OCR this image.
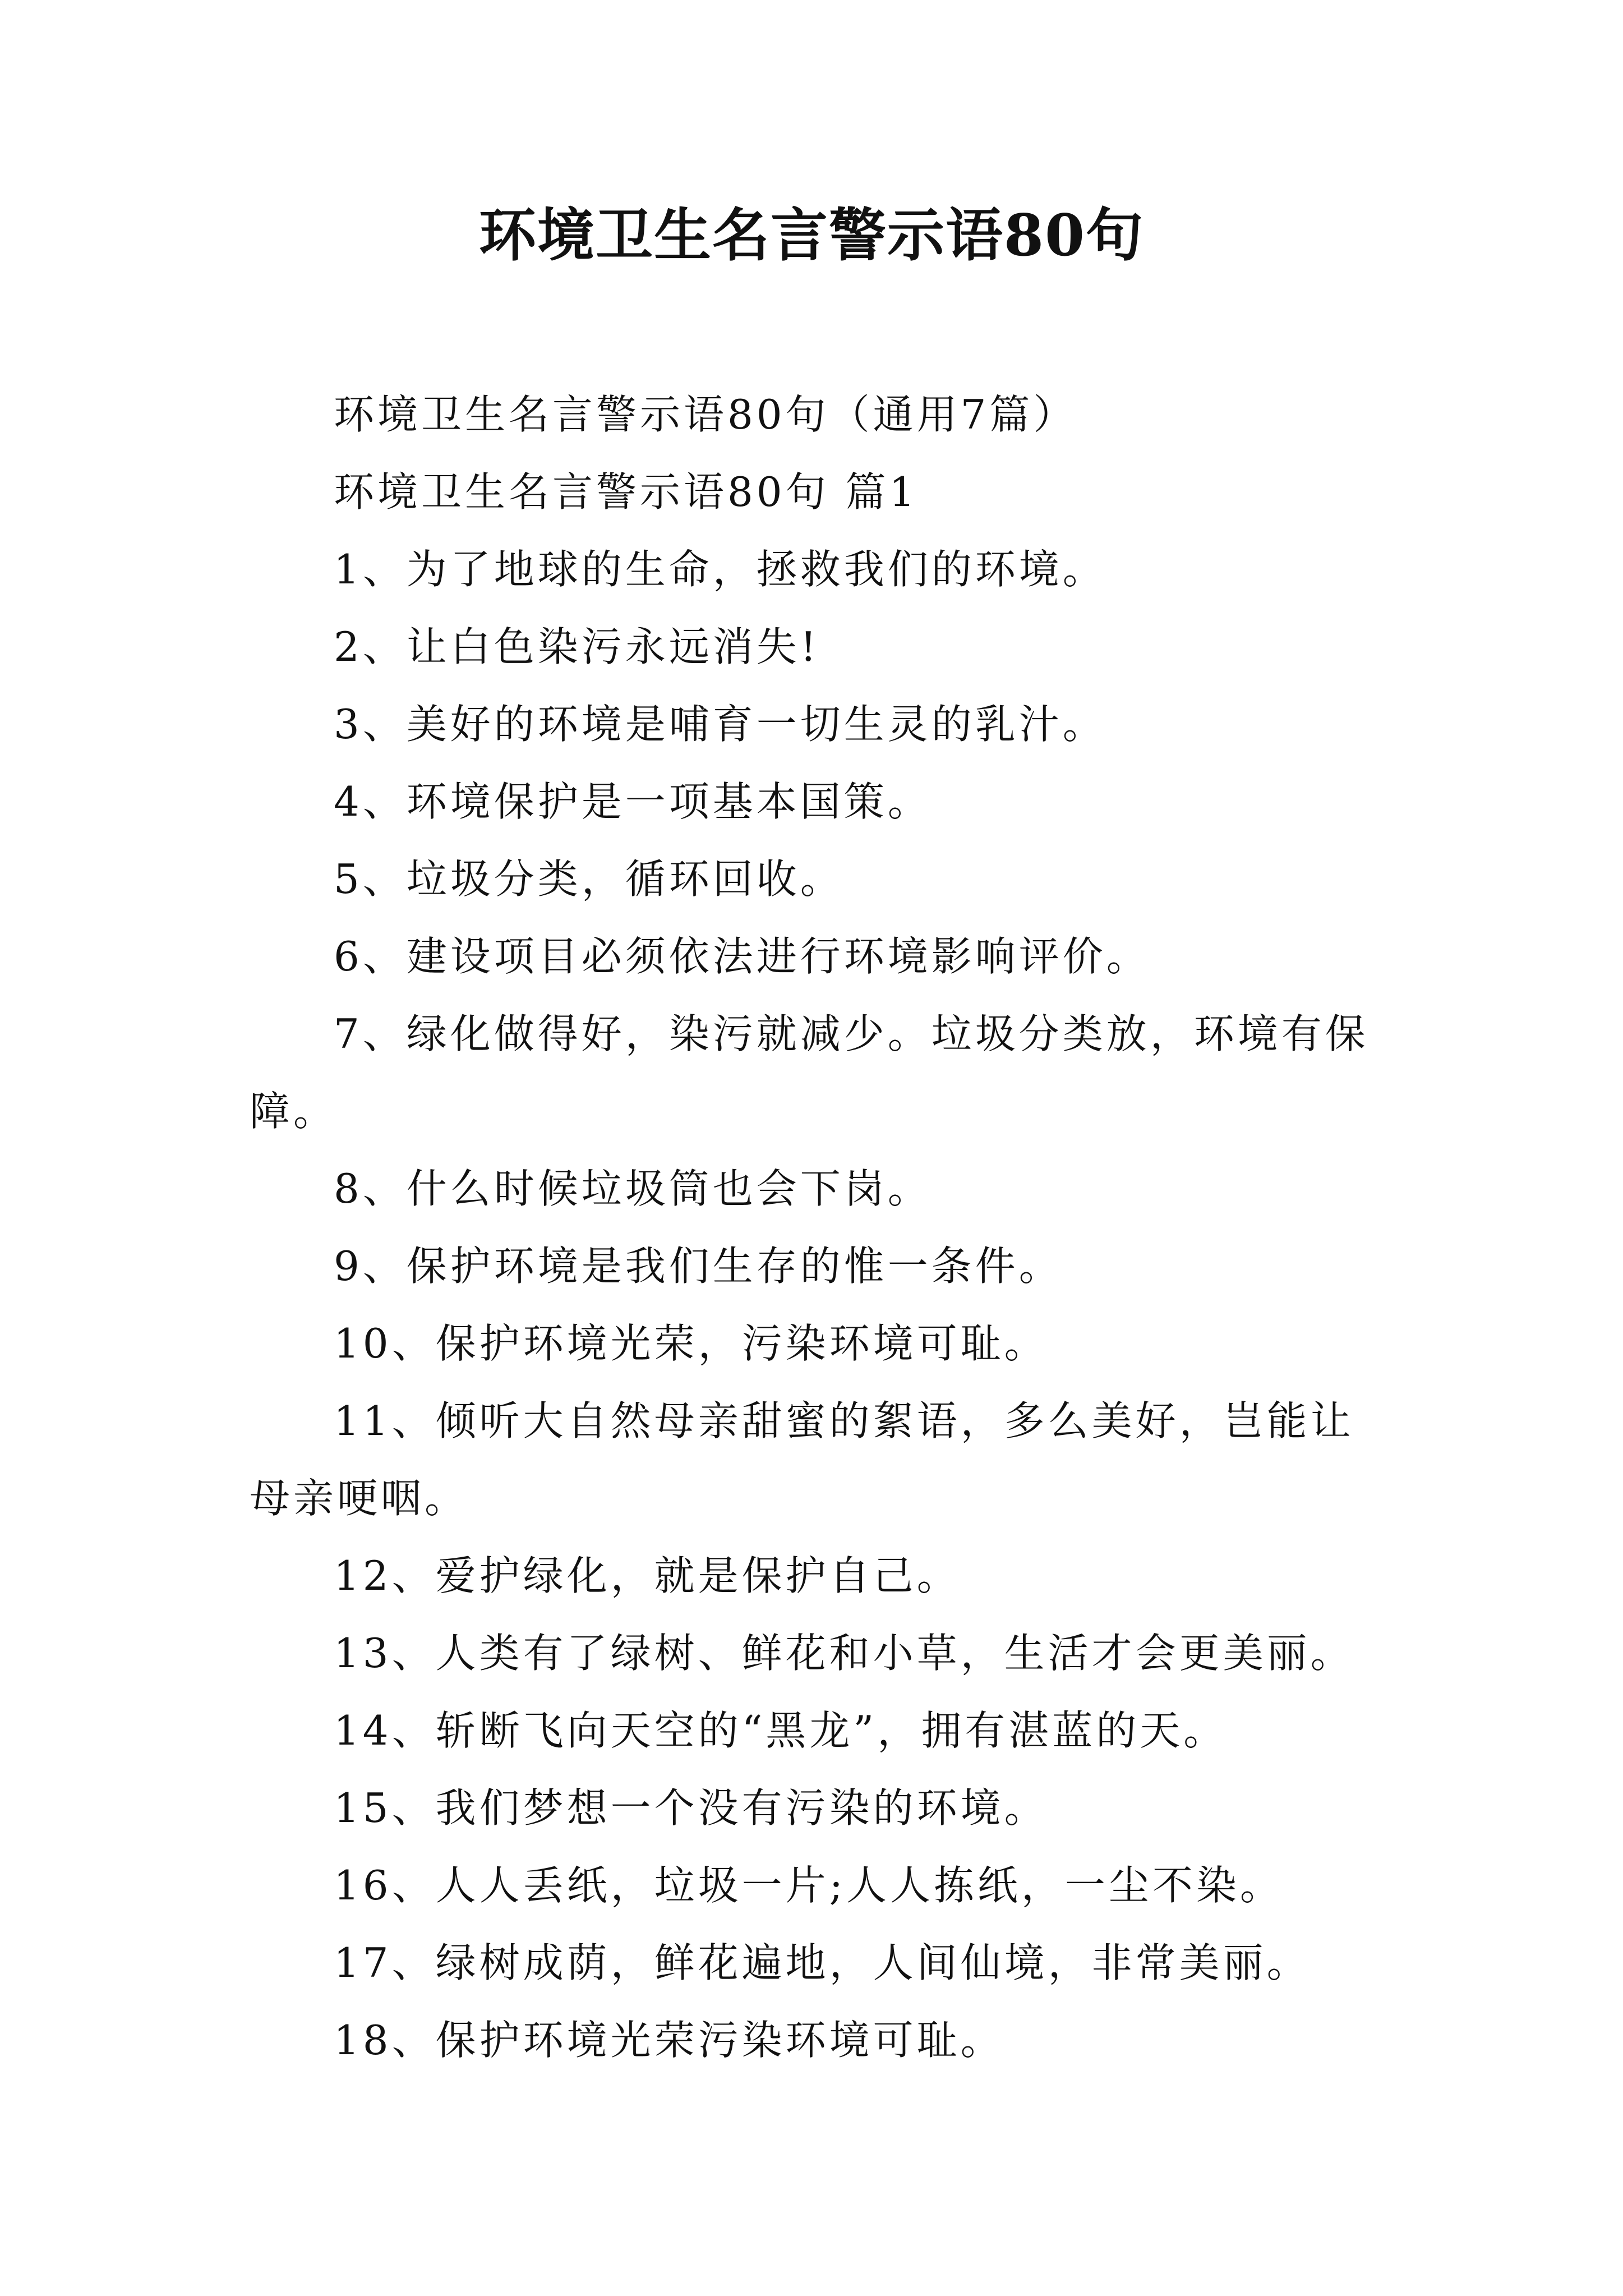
环境卫生名言警示语80句

环境卫生名言警示语80句（通用7篇）

环境卫生名言警示语80句 篇1

1、为了地球的生命，拯救我们的环境。

2、让白色染污永远消失!

3、美好的环境是哺育一切生灵的乳汁。

4、环境保护是一项基本国策。

5、垃圾分类，循环回收。

6、建设项目必须依法进行环境影响评价。

7、绿化做得好，染污就减少。垃圾分类放，环境有保障。

8、什么时候垃圾筒也会下岗。

9、保护环境是我们生存的惟一条件。

10、保护环境光荣，污染环境可耻。

11、倾听大自然母亲甜蜜的絮语，多么美好，岂能让母亲哽咽。

12、爱护绿化，就是保护自己。

13、人类有了绿树、鲜花和小草，生活才会更美丽。

14、斩断飞向天空的“黑龙”，拥有湛蓝的天。

15、我们梦想一个没有污染的环境。

16、人人丢纸，垃圾一片;人人拣纸，一尘不染。

17、绿树成荫，鲜花遍地，人间仙境，非常美丽。

18、保护环境光荣污染环境可耻。
